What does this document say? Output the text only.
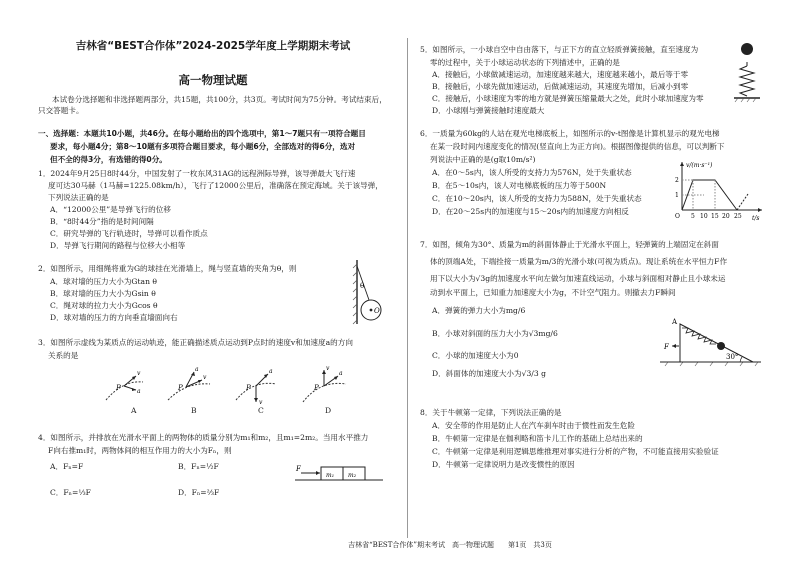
吉林省“BEST合作体”2024-2025学年度上学期期末考试
高一物理试题
本试卷分选择题和非选择题两部分，共15题，共100分，共3页。考试时间为75分钟。考试结束后，只交答题卡。
一、选择题：本题共10小题，共46分。在每小题给出的四个选项中，第1～7题只有一项符合题目
要求，每小题4分；第8～10题有多项符合题目要求，每小题6分，全部选对的得6分，选对
但不全的得3分，有选错的得0分。
1．2024年9月25日8时44分，中国发射了一枚东风31AG的远程洲际导弹，该导弹最大飞行速
度可达30马赫（1马赫=1225.08km/h），飞行了12000公里后，准确落在预定海域。关于该导弹，
下列说法正确的是
A．“12000公里”是导弹飞行的位移
B．“8时44分”指的是时间间隔
C．研究导弹的飞行轨迹时，导弹可以看作质点
D．导弹飞行期间的路程与位移大小相等
2．如图所示，用细绳将重为G的球挂在光滑墙上，绳与竖直墙的夹角为θ，则
A．球对墙的压力大小为Gtan θ
B．球对墙的压力大小为Gsin θ
C．绳对球的拉力大小为Gcos θ
D．球对墙的压力的方向垂直墙面向右
θ
O
3．如图所示虚线为某质点的运动轨迹，能正确描述质点运动到P点时的速度v和加速度a的方向
关系的是
P
v
a	P
a
v
P
a
v
P
v
a
A	B	C	D
4．如图所示，并排放在光滑水平面上的两物体的质量分别为m₁和m₂，且m₁=2m₂。当用水平推力
F向右推m₁时，两物体间的相互作用力的大小为Fₙ，则
A．Fₙ=F	B．Fₙ=½F
C．Fₙ=⅓F	D．Fₙ=⅔F
F
m₁ m₂
5．如图所示，一小球自空中自由落下，与正下方的直立轻质弹簧接触，直至速度为
零的过程中，关于小球运动状态的下列描述中，正确的是
A．接触后，小球做减速运动，加速度越来越大，速度越来越小，最后等于零
B．接触后，小球先做加速运动，后做减速运动，其速度先增加，后减小到零
C．接触后，小球速度为零的地方就是弹簧压缩量最大之处，此时小球加速度为零
D．小球刚与弹簧接触时速度最大
6．一质量为60kg的人站在观光电梯底板上，如图所示的v-t图像是计算机显示的观光电梯
在某一段时间内速度变化的情况(竖直向上为正方向)。根据图像提供的信息，可以判断下
列说法中正确的是(g取10m/s²)
A．在0～5s内，该人所受的支持力为576N，处于失重状态
B．在5～10s内，该人对电梯底板的压力等于500N
C．在10～20s内，该人所受的支持力为588N，处于失重状态
D．在20～25s内的加速度与15～20s内的加速度方向相反
v/(m·s⁻¹)
t/s
2
1
O 5 10 15 20 25
7．如图，倾角为30°、质量为m的斜面体静止于光滑水平面上，轻弹簧的上端固定在斜面
体的顶端A处，下端拴接一质量为m/3的光滑小球(可视为质点)。现让系统在水平恒力F作
用下以大小为√3g的加速度水平向左做匀加速直线运动，小球与斜面相对静止且小球未运
动到水平面上，已知重力加速度大小为g，不计空气阻力。则撤去力F瞬间
A．弹簧的弹力大小为mg/6
B．小球对斜面的压力大小为√3mg/6
C．小球的加速度大小为0
D．斜面体的加速度大小为√3/3 g
A
F
30°
8．关于牛顿第一定律，下列说法正确的是
A．安全带的作用是防止人在汽车刹车时由于惯性而发生危险
B．牛顿第一定律是在伽利略和笛卡儿工作的基础上总结出来的
C．牛顿第一定律是利用逻辑思维推理对事实进行分析的产物，不可能直接用实验验证
D．牛顿第一定律说明力是改变惯性的原因
吉林省“BEST合作体”期末考试　高一物理试题　　第1页　共3页
